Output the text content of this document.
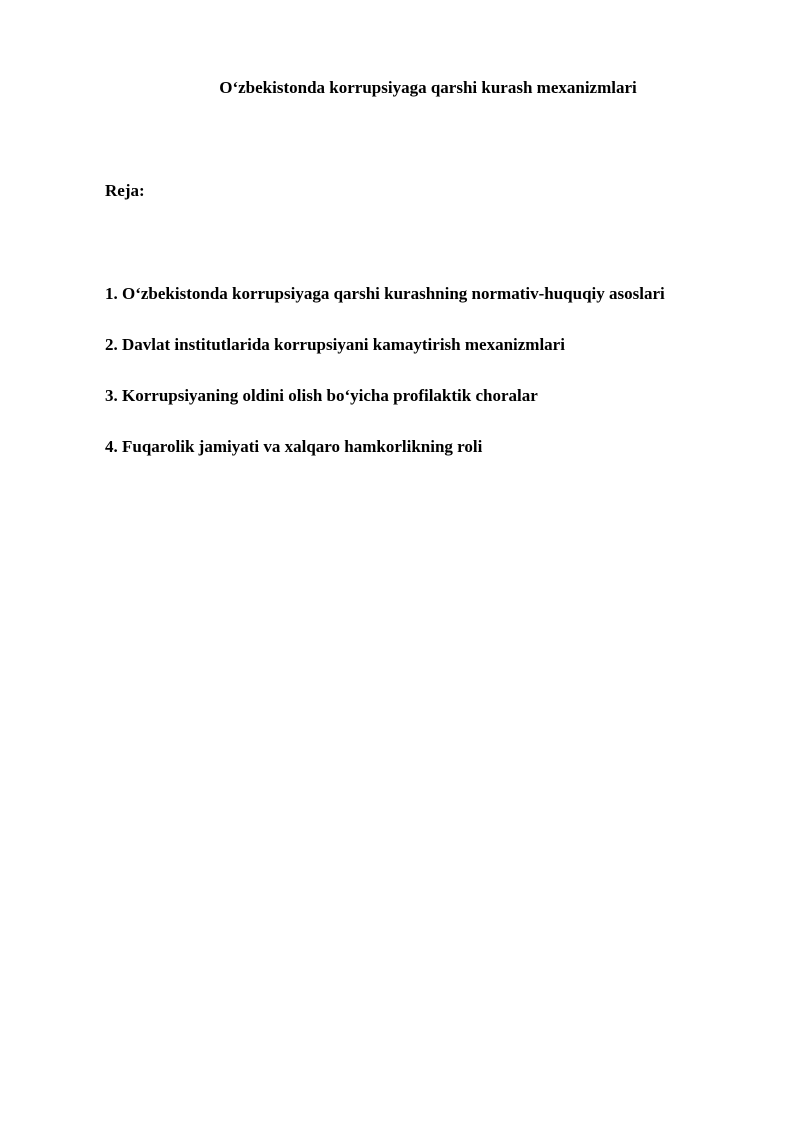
O‘zbekistonda korrupsiyaga qarshi kurash mexanizmlari
Reja:
1. O‘zbekistonda korrupsiyaga qarshi kurashning normativ-huquqiy asoslari
2. Davlat institutlarida korrupsiyani kamaytirish mexanizmlari
3. Korrupsiyaning oldini olish bo‘yicha profilaktik choralar
4. Fuqarolik jamiyati va xalqaro hamkorlikning roli
